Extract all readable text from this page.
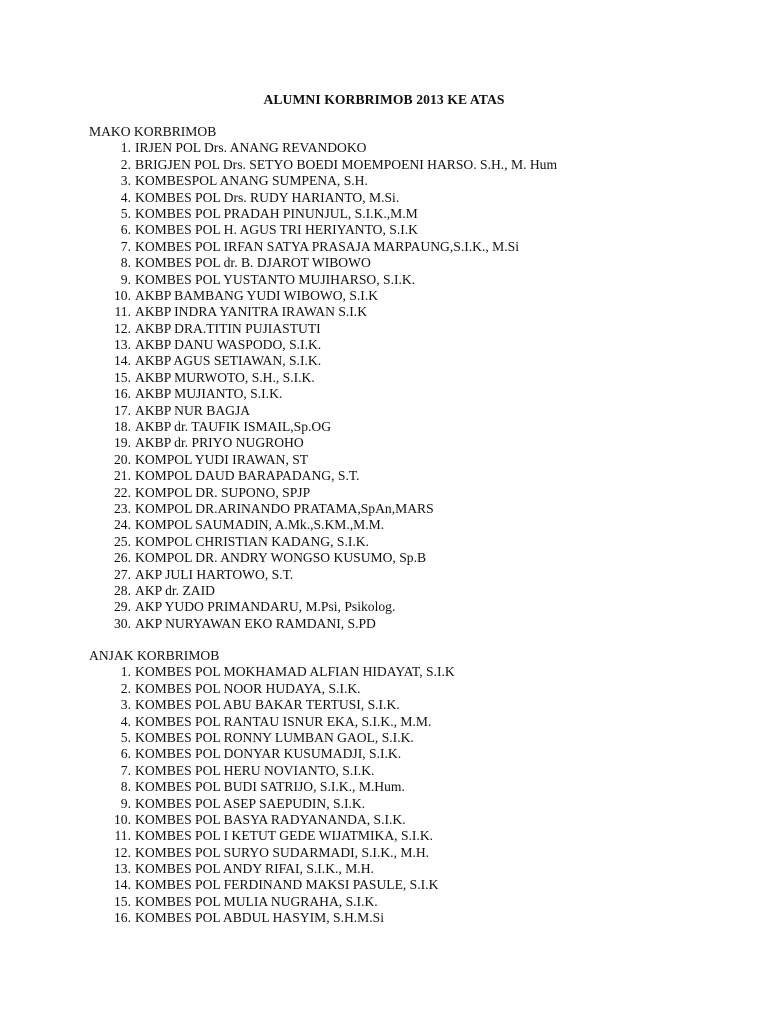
ALUMNI KORBRIMOB 2013 KE ATAS
MAKO KORBRIMOB
1. IRJEN POL Drs. ANANG REVANDOKO
2. BRIGJEN POL Drs. SETYO BOEDI MOEMPOENI HARSO. S.H., M. Hum
3. KOMBESPOL ANANG SUMPENA, S.H.
4. KOMBES POL Drs. RUDY HARIANTO, M.Si.
5. KOMBES POL PRADAH PINUNJUL, S.I.K.,M.M
6. KOMBES POL H. AGUS TRI HERIYANTO, S.I.K
7. KOMBES POL IRFAN SATYA PRASAJA MARPAUNG,S.I.K., M.Si
8. KOMBES POL dr. B. DJAROT WIBOWO
9. KOMBES POL YUSTANTO MUJIHARSO, S.I.K.
10. AKBP BAMBANG YUDI WIBOWO, S.I.K
11. AKBP INDRA YANITRA IRAWAN S.I.K
12. AKBP DRA.TITIN PUJIASTUTI
13. AKBP DANU WASPODO, S.I.K.
14. AKBP AGUS SETIAWAN, S.I.K.
15. AKBP MURWOTO, S.H., S.I.K.
16. AKBP MUJIANTO, S.I.K.
17. AKBP NUR BAGJA
18. AKBP dr. TAUFIK ISMAIL,Sp.OG
19. AKBP dr. PRIYO NUGROHO
20. KOMPOL YUDI IRAWAN, ST
21. KOMPOL DAUD BARAPADANG, S.T.
22. KOMPOL DR. SUPONO, SPJP
23. KOMPOL DR.ARINANDO PRATAMA,SpAn,MARS
24. KOMPOL SAUMADIN, A.Mk.,S.KM.,M.M.
25. KOMPOL CHRISTIAN KADANG, S.I.K.
26. KOMPOL DR. ANDRY WONGSO KUSUMO, Sp.B
27. AKP JULI HARTOWO, S.T.
28. AKP dr. ZAID
29. AKP YUDO PRIMANDARU, M.Psi, Psikolog.
30. AKP NURYAWAN EKO RAMDANI, S.PD
ANJAK KORBRIMOB
1. KOMBES POL MOKHAMAD ALFIAN HIDAYAT, S.I.K
2. KOMBES POL NOOR HUDAYA, S.I.K.
3. KOMBES POL ABU BAKAR TERTUSI, S.I.K.
4. KOMBES POL RANTAU ISNUR EKA, S.I.K., M.M.
5. KOMBES POL RONNY LUMBAN GAOL, S.I.K.
6. KOMBES POL DONYAR KUSUMADJI, S.I.K.
7. KOMBES POL HERU NOVIANTO, S.I.K.
8. KOMBES POL BUDI SATRIJO, S.I.K., M.Hum.
9. KOMBES POL ASEP SAEPUDIN, S.I.K.
10. KOMBES POL BASYA RADYANANDA, S.I.K.
11. KOMBES POL I KETUT GEDE WIJATMIKA, S.I.K.
12. KOMBES POL SURYO SUDARMADI, S.I.K., M.H.
13. KOMBES POL ANDY RIFAI, S.I.K., M.H.
14. KOMBES POL FERDINAND MAKSI PASULE, S.I.K
15. KOMBES POL MULIA NUGRAHA, S.I.K.
16. KOMBES POL ABDUL HASYIM, S.H.M.Si
